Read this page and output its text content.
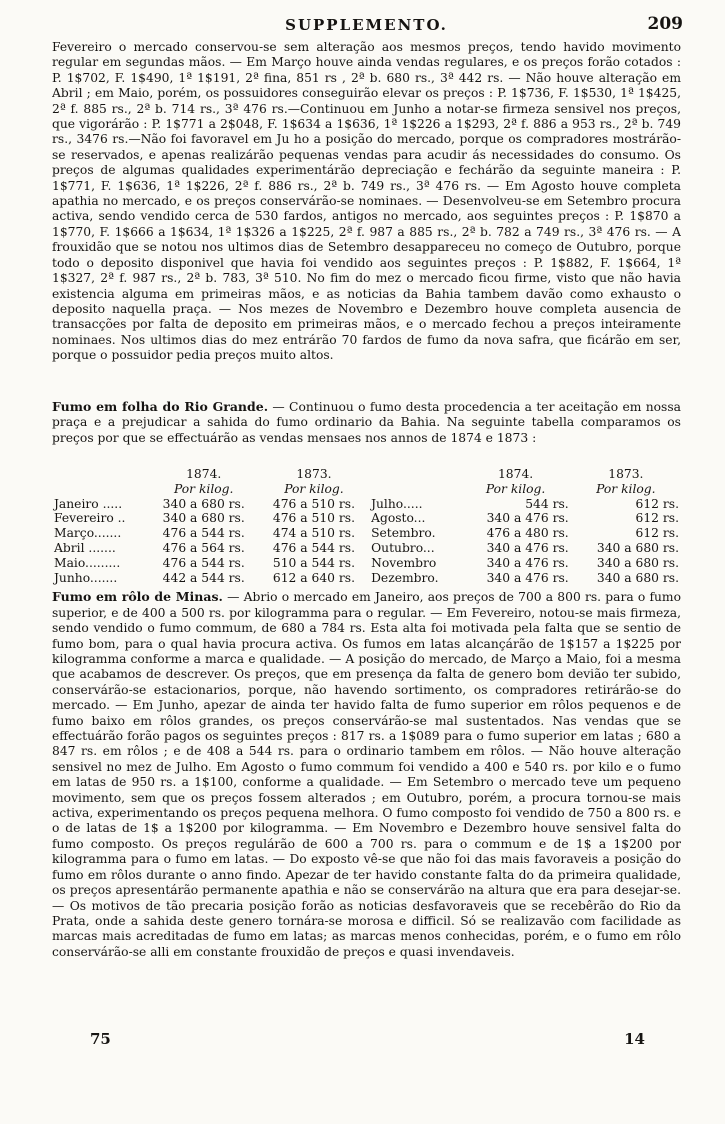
SUPPLEMENTO.	209

Fevereiro o mercado conservou-se sem alteração aos mesmos preços, tendo havido movimento regular em segundas mãos. — Em Março houve ainda vendas regulares, e os preços forão cotados : P. 1$702, F. 1$490, 1ª 1$191, 2ª fina, 851 rs , 2ª b. 680 rs., 3ª 442 rs. — Não houve alteração em Abril ; em Maio, porém, os possuidores conseguirão elevar os preços : P. 1$736, F. 1$530, 1ª 1$425, 2ª f. 885 rs., 2ª b. 714 rs., 3ª 476 rs.—Continuou em Junho a notar-se firmeza sensivel nos preços, que vigorárão : P. 1$771 a 2$048, F. 1$634 a 1$636, 1ª 1$226 a 1$293, 2ª f. 886 a 953 rs., 2ª b. 749 rs., 3476 rs.—Não foi favoravel em Ju ho a posição do mercado, porque os compradores mostrárão-se reservados, e apenas realizárão pequenas vendas para acudir ás necessidades do consumo. Os preços de algumas qualidades experimentárão depreciação e fechárão da seguinte maneira : P. 1$771, F. 1$636, 1ª 1$226, 2ª f. 886 rs., 2ª b. 749 rs., 3ª 476 rs. — Em Agosto houve completa apathia no mercado, e os preços conservárão-se nominaes. — Desenvolveu-se em Setembro procura activa, sendo vendido cerca de 530 fardos, antigos no mercado, aos seguintes preços : P. 1$870 a 1$770, F. 1$666 a 1$634, 1ª 1$326 a 1$225, 2ª f. 987 a 885 rs., 2ª b. 782 a 749 rs., 3ª 476 rs. — A frouxidão que se notou nos ultimos dias de Setembro desappareceu no começo de Outubro, porque todo o deposito disponivel que havia foi vendido aos seguintes preços : P. 1$882, F. 1$664, 1ª 1$327, 2ª f. 987 rs., 2ª b. 783, 3ª 510. No fim do mez o mercado ficou firme, visto que não havia existencia alguma em primeiras mãos, e as noticias da Bahia tambem davão como exhausto o deposito naquella praça. — Nos mezes de Novembro e Dezembro houve completa ausencia de transacções por falta de deposito em primeiras mãos, e o mercado fechou a preços inteiramente nominaes. Nos ultimos dias do mez entrárão 70 fardos de fumo da nova safra, que ficárão em ser, porque o possuidor pedia preços muito altos.

Fumo em folha do Rio Grande. — Continuou o fumo desta procedencia a ter aceitação em nossa praça e a prejudicar a sahida do fumo ordinario da Bahia. Na seguinte tabella comparamos os preços por que se effectuárão as vendas mensaes nos annos de 1874 e 1873 :

	1874.	1873.		1874.	1873.
	Por kilog.	Por kilog.		Por kilog.	Por kilog.
Janeiro .....	340 a 680 rs.	476 a 510 rs.	Julho.....	544 rs.	612 rs.
Fevereiro ..	340 a 680 rs.	476 a 510 rs.	Agosto...	340 a 476 rs.	612 rs.
Março.......	476 a 544 rs.	474 a 510 rs.	Setembro.	476 a 480 rs.	612 rs.
Abril .......	476 a 564 rs.	476 a 544 rs.	Outubro...	340 a 476 rs.	340 a 680 rs.
Maio.........	476 a 544 rs.	510 a 544 rs.	Novembro	340 a 476 rs.	340 a 680 rs.
Junho.......	442 a 544 rs.	612 a 640 rs.	Dezembro.	340 a 476 rs.	340 a 680 rs.

Fumo em rôlo de Minas. — Abrio o mercado em Janeiro, aos preços de 700 a 800 rs. para o fumo superior, e de 400 a 500 rs. por kilogramma para o regular. — Em Fevereiro, notou-se mais firmeza, sendo vendido o fumo commum, de 680 a 784 rs. Esta alta foi motivada pela falta que se sentio de fumo bom, para o qual havia procura activa. Os fumos em latas alcançárão de 1$157 a 1$225 por kilogramma conforme a marca e qualidade. — A posição do mercado, de Março a Maio, foi a mesma que acabamos de descrever. Os preços, que em presença da falta de genero bom devião ter subido, conservárão-se estacionarios, porque, não havendo sortimento, os compradores retirárão-se do mercado. — Em Junho, apezar de ainda ter havido falta de fumo superior em rôlos pequenos e de fumo baixo em rôlos grandes, os preços conservárão-se mal sustentados. Nas vendas que se effectuárão forão pagos os seguintes preços : 817 rs. a 1$089 para o fumo superior em latas ; 680 a 847 rs. em rôlos ; e de 408 a 544 rs. para o ordinario tambem em rôlos. — Não houve alteração sensivel no mez de Julho. Em Agosto o fumo commum foi vendido a 400 e 540 rs. por kilo e o fumo em latas de 950 rs. a 1$100, conforme a qualidade. — Em Setembro o mercado teve um pequeno movimento, sem que os preços fossem alterados ; em Outubro, porém, a procura tornou-se mais activa, experimentando os preços pequena melhora. O fumo composto foi vendido de 750 a 800 rs. e o de latas de 1$ a 1$200 por kilogramma. — Em Novembro e Dezembro houve sensivel falta do fumo composto. Os preços regulárão de 600 a 700 rs. para o commum e de 1$ a 1$200 por kilogramma para o fumo em latas. — Do exposto vê-se que não foi das mais favoraveis a posição do fumo em rôlos durante o anno findo. Apezar de ter havido constante falta do da primeira qualidade, os preços apresentárão permanente apathia e não se conservárão na altura que era para desejar-se. — Os motivos de tão precaria posição forão as noticias desfavoraveis que se recebêrão do Rio da Prata, onde a sahida deste genero tornára-se morosa e difficil. Só se realizavão com facilidade as marcas mais acreditadas de fumo em latas; as marcas menos conhecidas, porém, e o fumo em rôlo conservárão-se alli em constante frouxidão de preços e quasi invendaveis.

75	14
